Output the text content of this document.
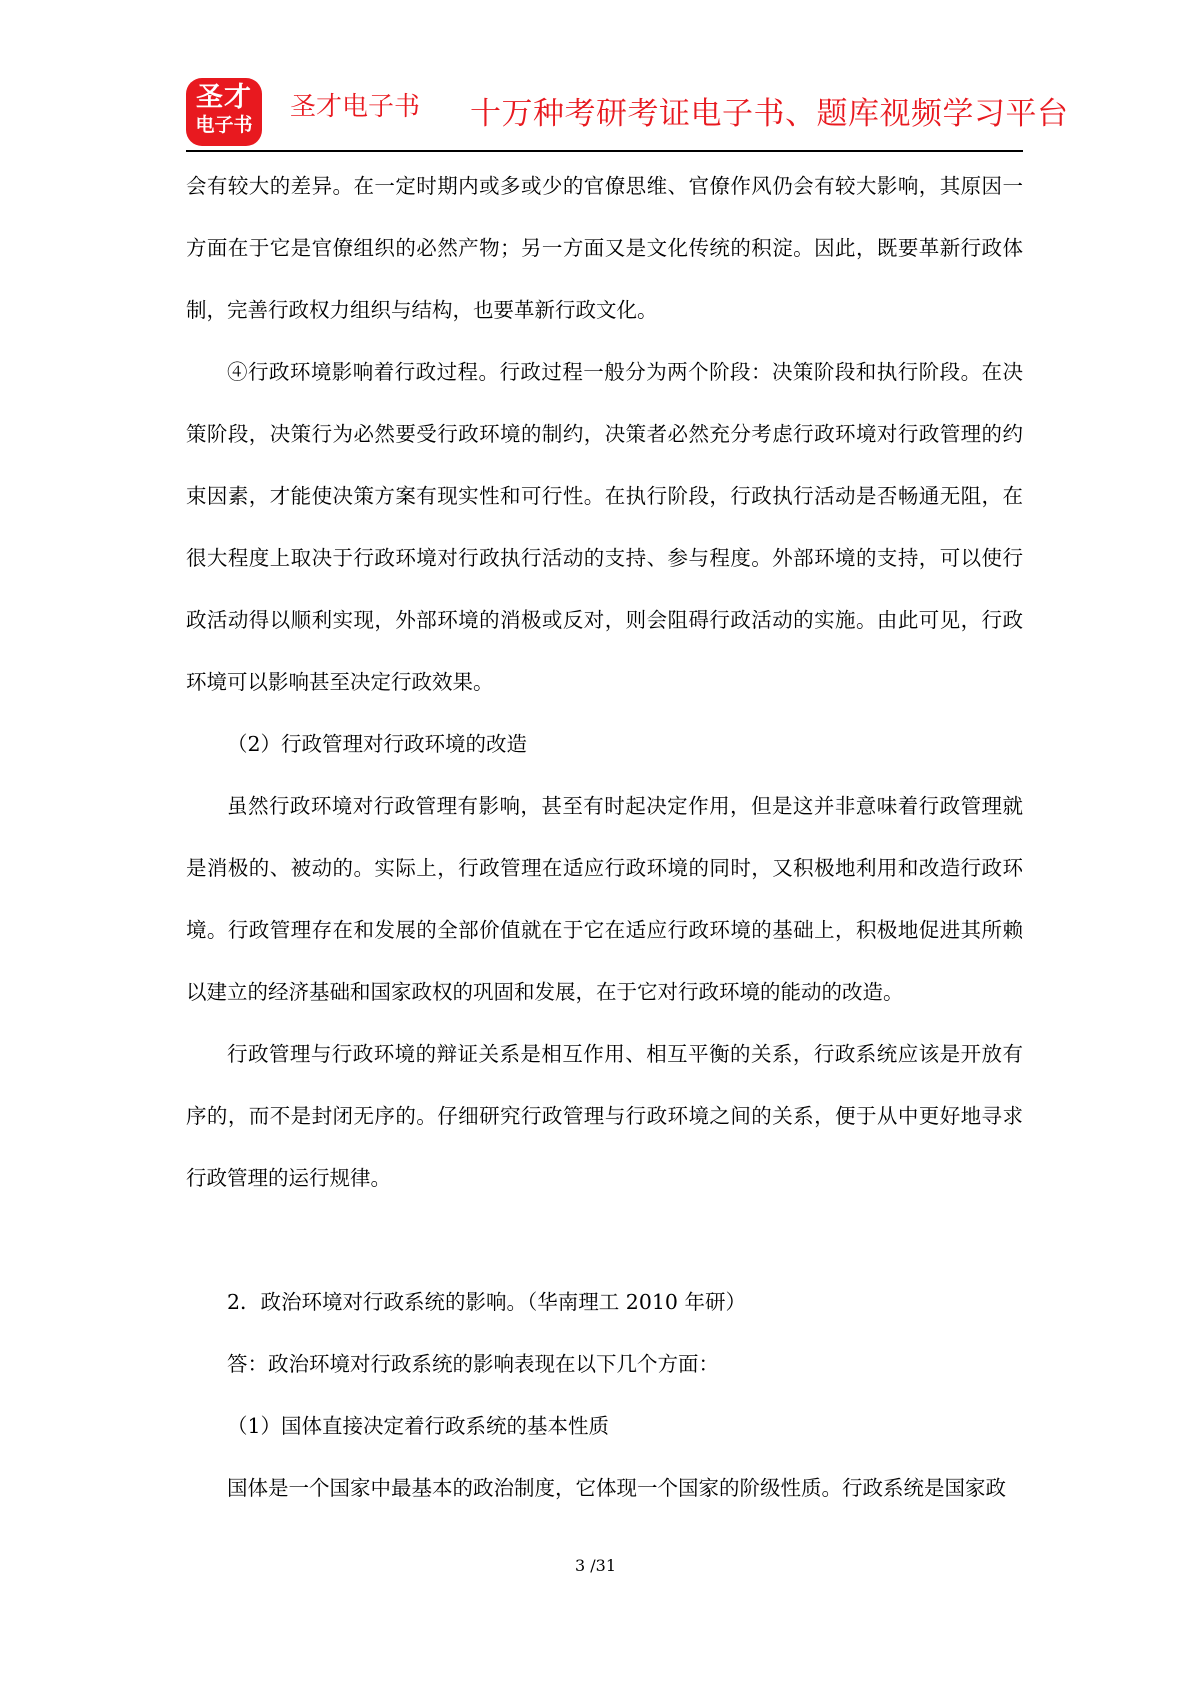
圣才
电子书
圣才电子书 十万种考研考证电子书、题库视频学习平台

会有较大的差异。在一定时期内或多或少的官僚思维、官僚作风仍会有较大影响，其原因一方面在于它是官僚组织的必然产物；另一方面又是文化传统的积淀。因此，既要革新行政体制，完善行政权力组织与结构，也要革新行政文化。

④行政环境影响着行政过程。行政过程一般分为两个阶段：决策阶段和执行阶段。在决策阶段，决策行为必然要受行政环境的制约，决策者必然充分考虑行政环境对行政管理的约束因素，才能使决策方案有现实性和可行性。在执行阶段，行政执行活动是否畅通无阻，在很大程度上取决于行政环境对行政执行活动的支持、参与程度。外部环境的支持，可以使行政活动得以顺利实现，外部环境的消极或反对，则会阻碍行政活动的实施。由此可见，行政环境可以影响甚至决定行政效果。

（2）行政管理对行政环境的改造

虽然行政环境对行政管理有影响，甚至有时起决定作用，但是这并非意味着行政管理就是消极的、被动的。实际上，行政管理在适应行政环境的同时，又积极地利用和改造行政环境。行政管理存在和发展的全部价值就在于它在适应行政环境的基础上，积极地促进其所赖以建立的经济基础和国家政权的巩固和发展，在于它对行政环境的能动的改造。

行政管理与行政环境的辩证关系是相互作用、相互平衡的关系，行政系统应该是开放有序的，而不是封闭无序的。仔细研究行政管理与行政环境之间的关系，便于从中更好地寻求行政管理的运行规律。

2．政治环境对行政系统的影响。（华南理工 2010 年研）

答：政治环境对行政系统的影响表现在以下几个方面：

（1）国体直接决定着行政系统的基本性质

国体是一个国家中最基本的政治制度，它体现一个国家的阶级性质。行政系统是国家政

3 /31
